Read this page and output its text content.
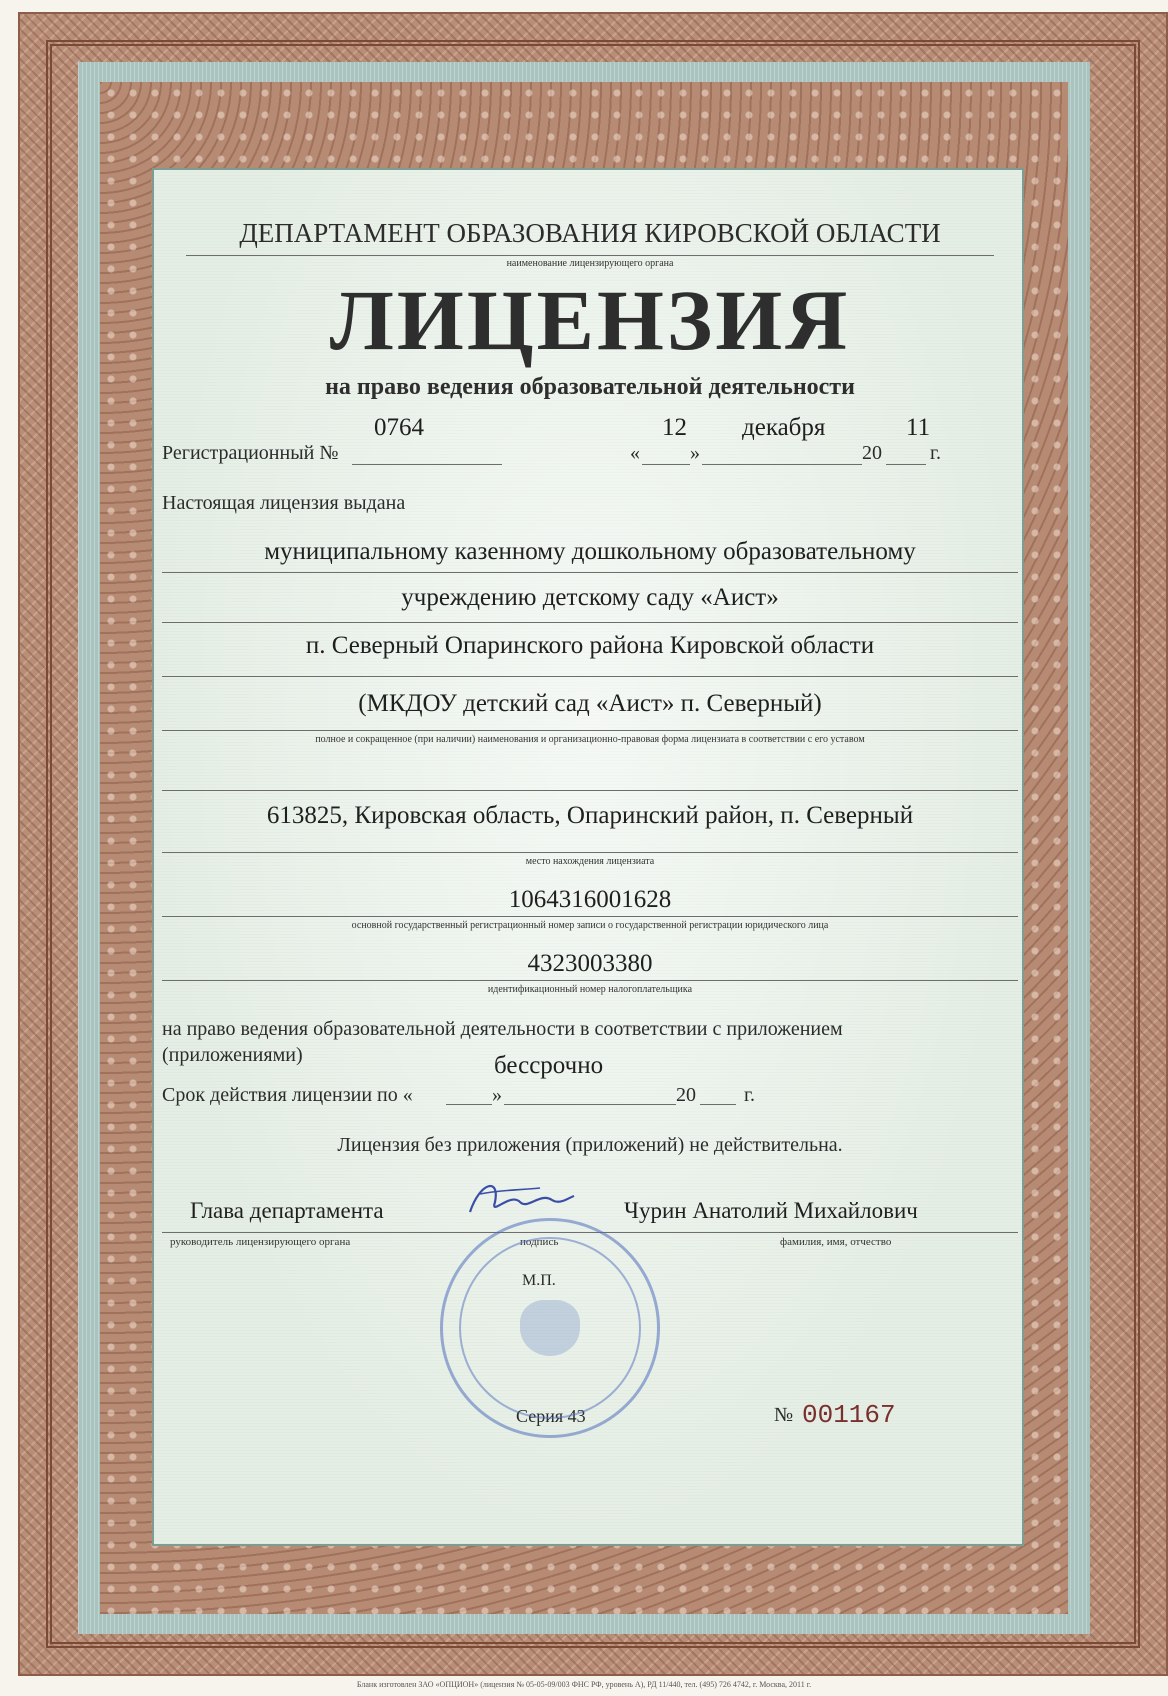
ДЕПАРТАМЕНТ ОБРАЗОВАНИЯ КИРОВСКОЙ ОБЛАСТИ
наименование лицензирующего органа
ЛИЦЕНЗИЯ
на право ведения образовательной деятельности
Регистрационный №
0764
«
12
»
декабря
20
11
г.
Настоящая лицензия выдана
муниципальному казенному дошкольному образовательному
учреждению детскому саду «Аист»
п. Северный Опаринского района Кировской области
(МКДОУ детский сад «Аист» п. Северный)
полное и сокращенное (при наличии) наименования и организационно-правовая форма лицензиата в соответствии с его уставом
613825, Кировская область, Опаринский район, п. Северный
место нахождения лицензиата
1064316001628
основной государственный регистрационный номер записи о государственной регистрации юридического лица
4323003380
идентификационный номер налогоплательщика
на право ведения образовательной деятельности в соответствии с приложением
(приложениями)	бессрочно
Срок действия лицензии по «	»	20 г.
Лицензия без приложения (приложений) не действительна.
Глава департамента	Чурин Анатолий Михайлович
руководитель лицензирующего органа	подпись	фамилия, имя, отчество
М.П.
Серия 43	№ 001167
Бланк изготовлен ЗАО «ОПЦИОН» (лицензия № 05-05-09/003 ФНС РФ, уровень А), РД 11/440, тел. (495) 726 4742, г. Москва, 2011 г.
